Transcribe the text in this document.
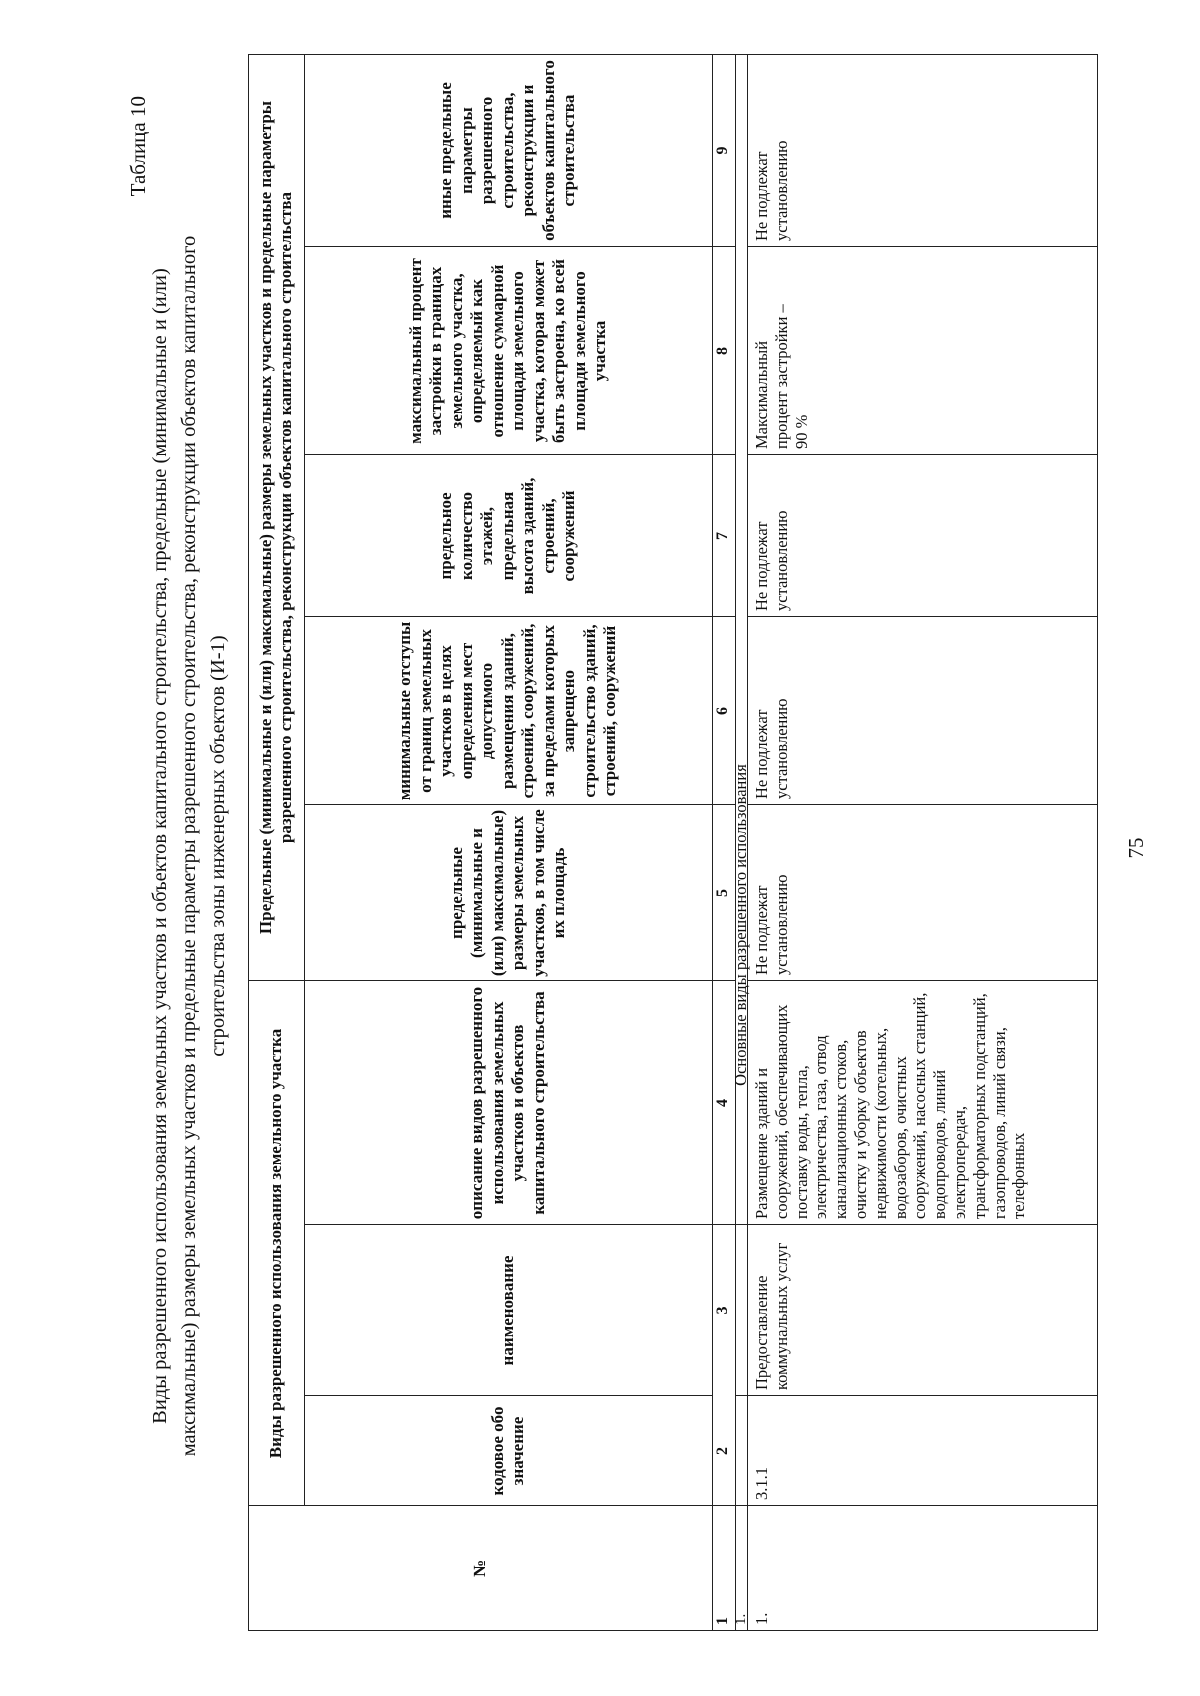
75
Таблица 10
Виды разрешенного использования земельных участков и объектов капитального строительства, предельные (минимальные и (или) максимальные) размеры земельных участков и предельные параметры разрешенного строительства, реконструкции объектов капитального строительства зоны инженерных объектов (И-1)
№
Виды разрешенного использования земельного участка
Предельные (минимальные и (или) максимальные) размеры земельных участков и предельные параметры разрешенного строительства, реконструкции объектов капитального строительства
кодовое обозначение
наименование
описание видов разрешенного использования земельных участков и объектов капитального строительства
предельные (минимальные и (или) максимальные) размеры земельных участков, в том числе их площадь
минимальные отступы от границ земельных участков в целях определения мест допустимого размещения зданий, строений, сооружений, за пределами которых запрещено строительство зданий, строений, сооружений
предельное количество этажей, предельная высота зданий, строений, сооружений
максимальный процент застройки в границах земельного участка, определяемый как отношение суммарной площади земельного участка, которая может быть застроена, ко всей площади земельного участка
иные предельные параметры разрешенного строительства, реконструкции и объектов капитального строительства
1
2
3
4
5
6
7
8
9
1.
Основные виды разрешенного использования
1.
3.1.1
Предоставление коммунальных услуг
Размещение зданий и сооружений, обеспечивающих поставку воды, тепла, электричества, газа, отвод канализационных стоков, очистку и уборку объектов недвижимости (котельных, водозаборов, очистных сооружений, насосных станций, водопроводов, линий электропередач, трансформаторных подстанций, газопроводов, линий связи, телефонных
Не подлежат установлению
Не подлежат установлению
Не подлежат установлению
Максимальный процент застройки – 90 %
Не подлежат установлению
